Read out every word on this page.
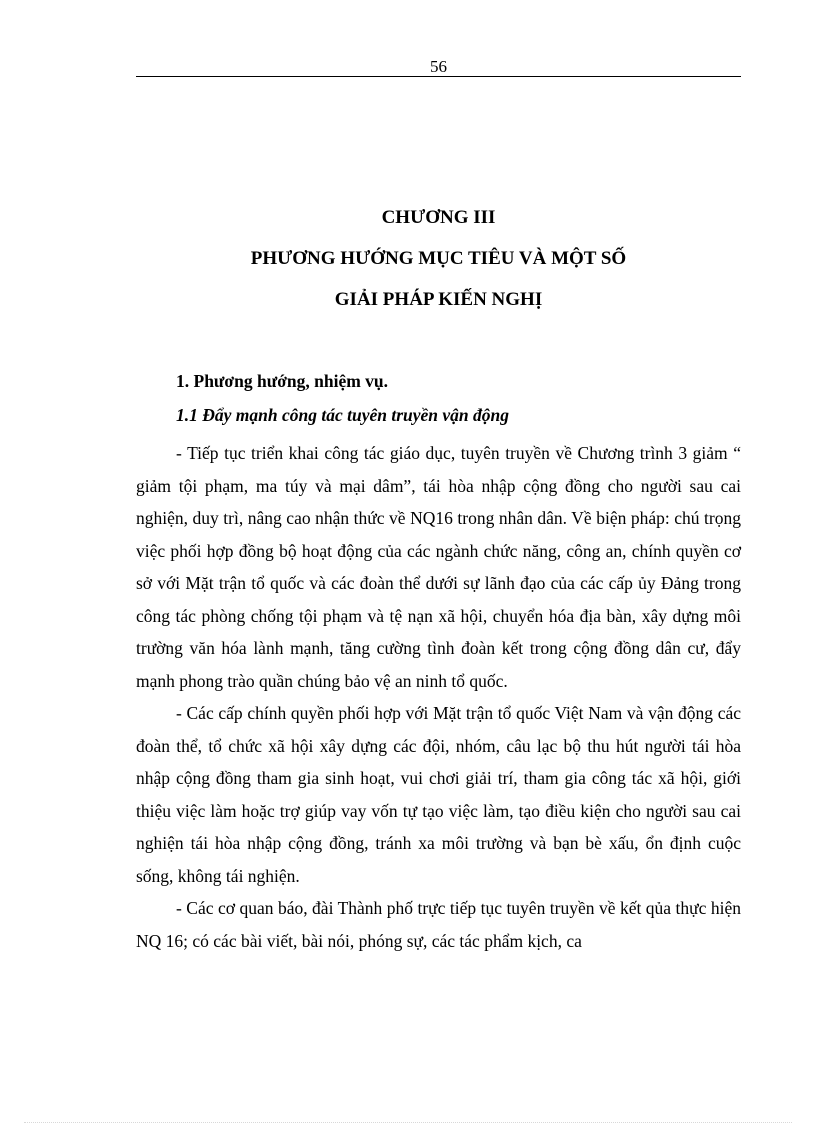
56
CHƯƠNG III
PHƯƠNG HƯỚNG MỤC TIÊU VÀ MỘT SỐ
GIẢI PHÁP KIẾN NGHỊ
1. Phương hướng, nhiệm vụ.
1.1 Đẩy mạnh công tác tuyên truyền vận động

- Tiếp tục triển khai công tác giáo dục, tuyên truyền về Chương trình 3 giảm “ giảm tội phạm, ma túy và mại dâm”, tái hòa nhập cộng đồng cho người sau cai nghiện, duy trì, nâng cao nhận thức về NQ16 trong nhân dân. Về biện pháp: chú trọng việc phối hợp đồng bộ hoạt động của các ngành chức năng, công an, chính quyền cơ sở với Mặt trận tổ quốc và các đoàn thể dưới sự lãnh đạo của các cấp ủy Đảng trong công tác phòng chống tội phạm và tệ nạn xã hội, chuyển hóa địa bàn, xây dựng môi trường văn hóa lành mạnh, tăng cường tình đoàn kết trong cộng đồng dân cư, đẩy mạnh phong trào quần chúng bảo vệ an ninh tổ quốc.

- Các cấp chính quyền phối hợp với Mặt trận tổ quốc Việt Nam và vận động các đoàn thể, tổ chức xã hội xây dựng các đội, nhóm, câu lạc bộ thu hút người tái hòa nhập cộng đồng tham gia sinh hoạt, vui chơi giải trí, tham gia công tác xã hội, giới thiệu việc làm hoặc trợ giúp vay vốn tự tạo việc làm, tạo điều kiện cho người sau cai nghiện tái hòa nhập cộng đồng, tránh xa môi trường và bạn bè xấu, ổn định cuộc sống, không tái nghiện.

- Các cơ quan báo, đài Thành phố trực tiếp tục tuyên truyền về kết qủa thực hiện NQ 16; có các bài viết, bài nói, phóng sự, các tác phẩm kịch, ca
